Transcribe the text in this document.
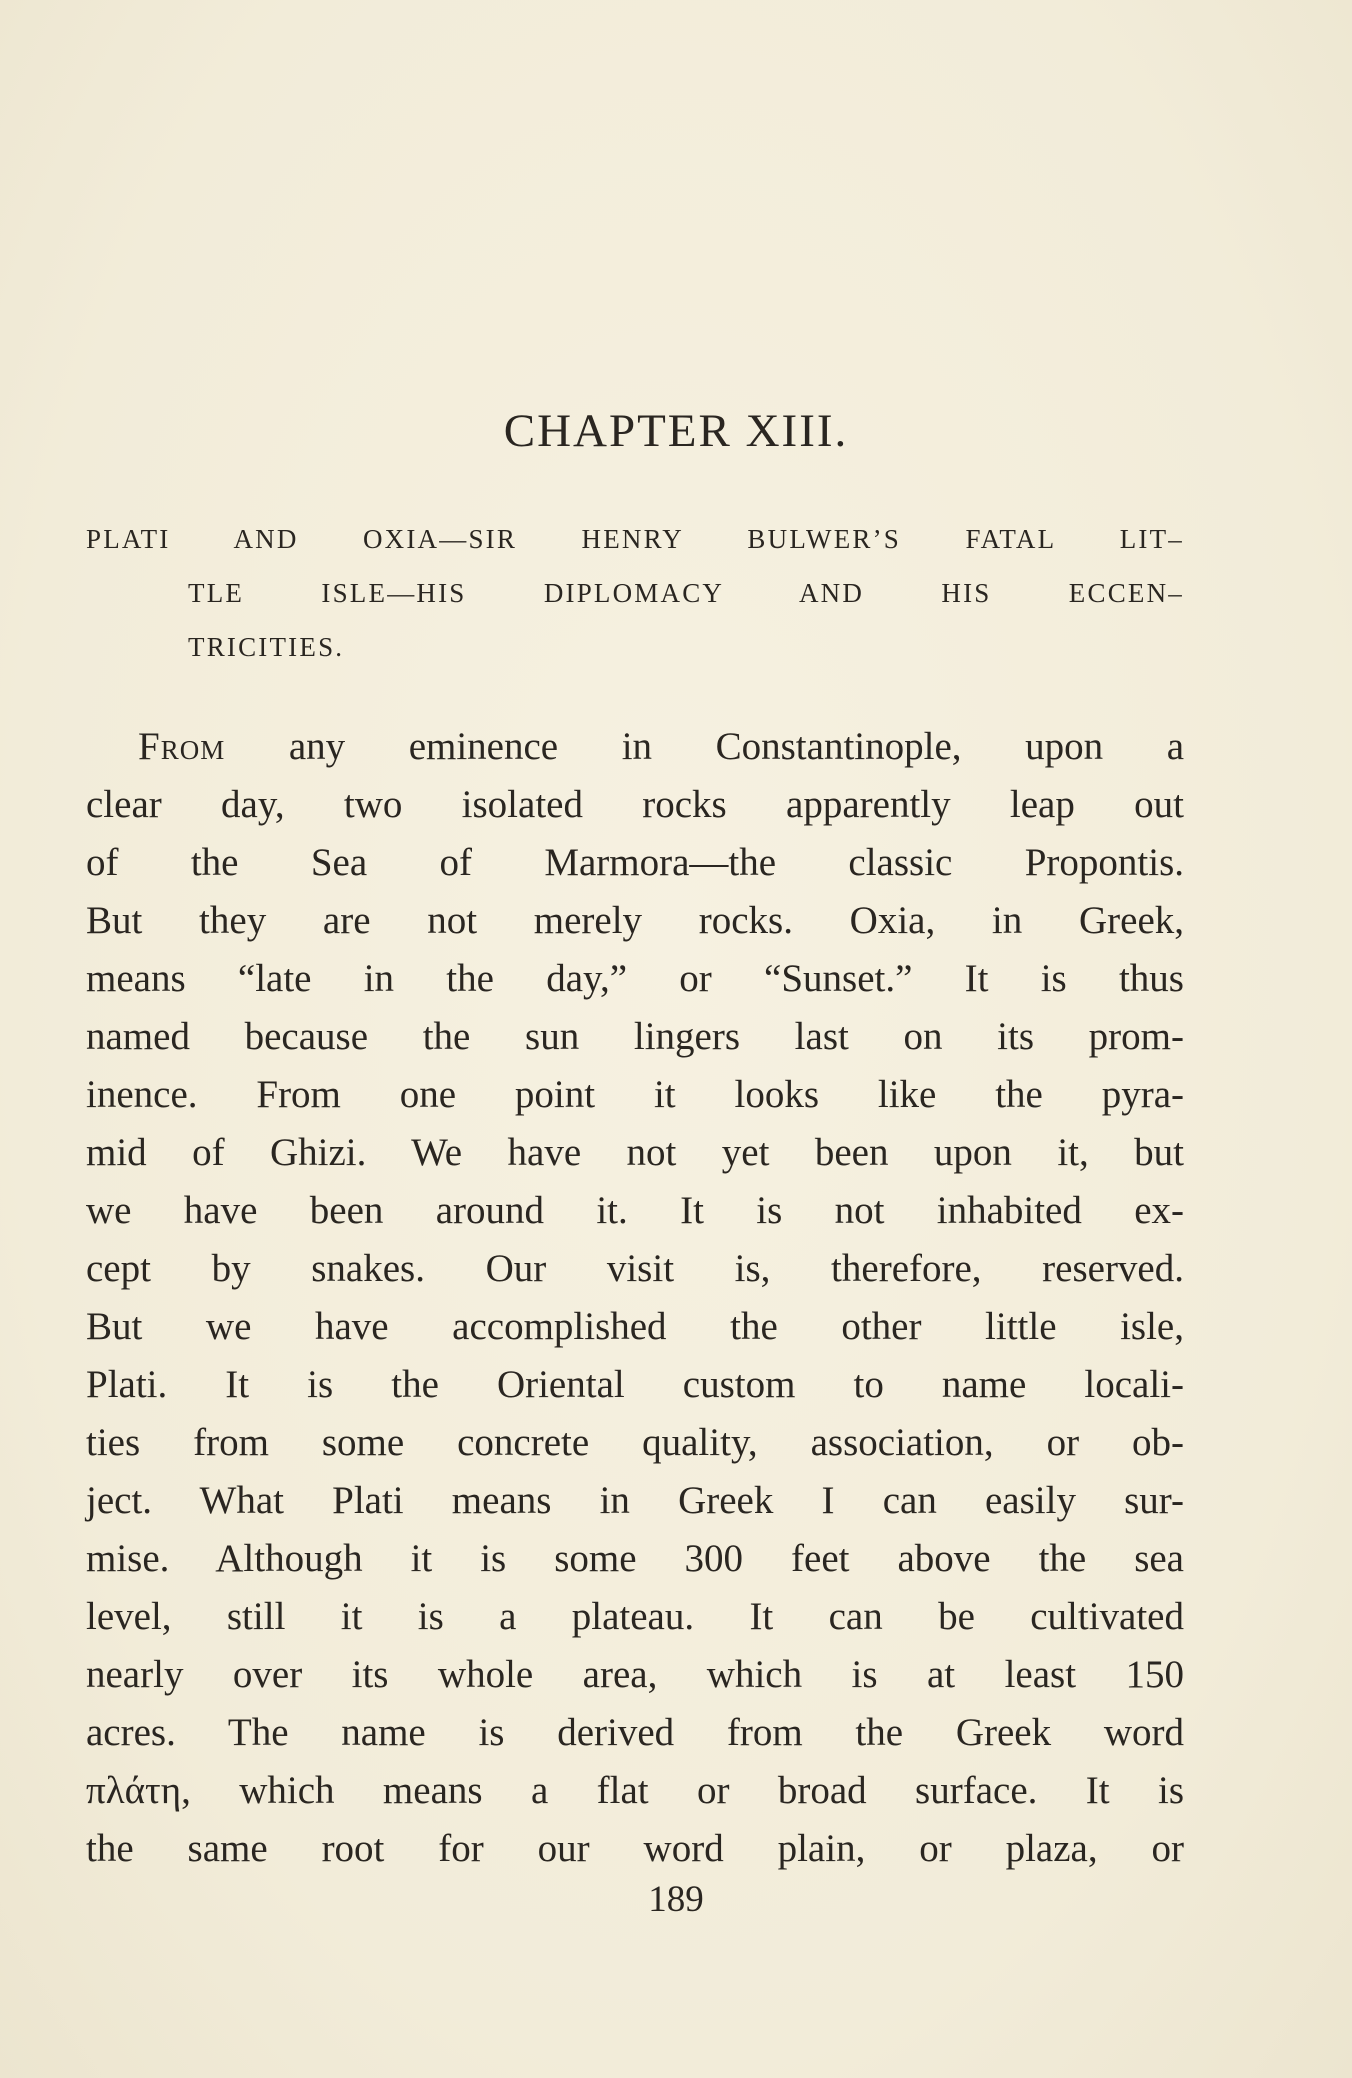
CHAPTER XIII.
PLATI AND OXIA—SIR HENRY BULWER’S FATAL LIT–
TLE ISLE—HIS DIPLOMACY AND HIS ECCEN–
TRICITIES.
From any eminence in Constantinople, upon a
clear day, two isolated rocks apparently leap out
of the Sea of Marmora—the classic Propontis.
But they are not merely rocks. Oxia, in Greek,
means “late in the day,” or “Sunset.” It is thus
named because the sun lingers last on its prom-
inence. From one point it looks like the pyra-
mid of Ghizi. We have not yet been upon it, but
we have been around it. It is not inhabited ex-
cept by snakes. Our visit is, therefore, reserved.
But we have accomplished the other little isle,
Plati. It is the Oriental custom to name locali-
ties from some concrete quality, association, or ob-
ject. What Plati means in Greek I can easily sur-
mise. Although it is some 300 feet above the sea
level, still it is a plateau. It can be cultivated
nearly over its whole area, which is at least 150
acres. The name is derived from the Greek word
πλάτη, which means a flat or broad surface. It is
the same root for our word plain, or plaza, or
189
